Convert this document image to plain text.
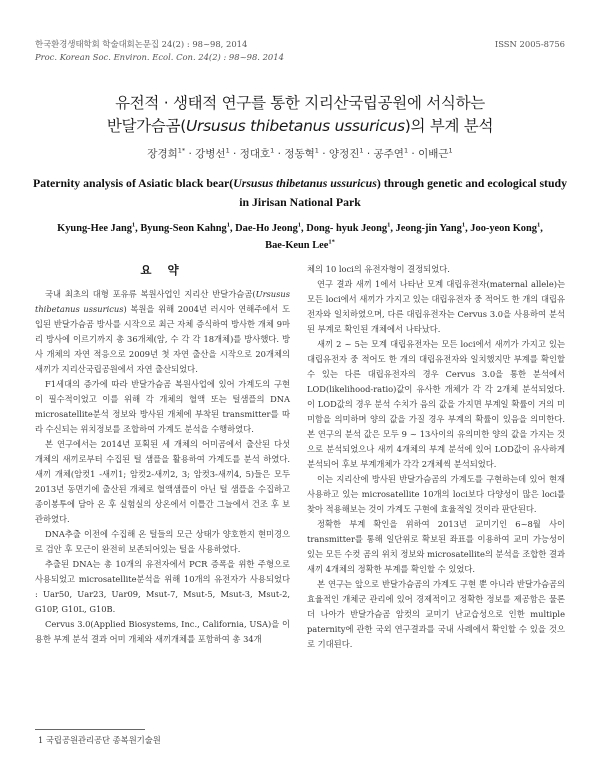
한국환경생태학회 학술대회논문집 24(2) : 98~98, 2014	ISSN 2005-8756
Proc. Korean Soc. Environ. Ecol. Con. 24(2) : 98~98. 2014
유전적 · 생태적 연구를 통한 지리산국립공원에 서식하는
반달가슴곰(Ursusus thibetanus ussuricus)의 부계 분석
장경희$^{1*}$ · 강병선$^1$ · 정대호$^1$ · 정동혁$^1$ · 양정진$^1$ · 공주연$^1$ · 이배근$^1$
Paternity analysis of Asiatic black bear(Ursusus thibetanus ussuricus) through genetic and ecological study
in Jirisan National Park
Kyung-Hee Jang$^1$, Byung-Seon Kahng$^1$, Dae-Ho Jeong$^1$, Dong- hyuk Jeong$^1$, Jeong-jin Yang$^1$, Joo-yeon Kong$^1$,
Bae-Keun Lee$^{1*}$
요 약

국내 최초의 대형 포유류 복원사업인 지리산 반달가슴곰(Ursusus thibetanus ussuricus) 복원을 위해 2004년 러시아 연해주에서 도입된 반달가슴곰 방사를 시작으로 최근 자체 증식하여 방사한 개체 9마리 방사에 이르기까지 총 36개체(암, 수 각 각 18개체)를 방사했다. 방사 개체의 자연 적응으로 2009년 첫 자연 출산을 시작으로 20개체의 새끼가 지리산국립공원에서 자연 출산되었다.

F1세대의 증가에 따라 반달가슴곰 복원사업에 있어 가계도의 구현이 필수적이었고 이를 위해 각 개체의 혈액 또는 털샘플의 DNA microsatellite분석 정보와 방사된 개체에 부착된 transmitter를 따라 수신되는 위치정보를 조합하여 가계도 분석을 수행하였다.

본 연구에서는 2014년 포획된 세 개체의 어미곰에서 출산된 다섯 개체의 새끼로부터 수집된 털 샘플을 활용하여 가계도를 분석 하였다. 새끼 개체(암컷1 -새끼1; 암컷2-새끼2, 3; 암컷3-새끼4, 5)들은 모두 2013년 동면기에 출산된 개체로 혈액샘플이 아닌 털 샘플을 수집하고 종이봉투에 담아 온 후 실험실의 상온에서 이틀간 그늘에서 건조 후 보관하였다.

DNA추출 이전에 수집해 온 털들의 모근 상태가 양호한지 현미경으로 검안 후 모근이 완전히 보존되어있는 털을 사용하였다.

추출된 DNA는 총 10개의 유전자에서 PCR 증폭을 위한 주형으로 사용되었고 microsatellite분석을 위해 10개의 유전자가 사용되었다 : Uar50, Uar23, Uar09, Msut-7, Msut-5, Msut-3, Msut-2, G10P, G10L, G10B.

Cervus 3.0(Applied Biosystems, Inc., California, USA)을 이용한 부계 분석 결과 어미 개체와 새끼개체를 포함하여 총 34개

체의 10 loci의 유전자형이 결정되었다.

연구 결과 새끼 1에서 나타난 모계 대립유전자(maternal allele)는 모든 loci에서 새끼가 가지고 있는 대립유전자 중 적어도 한 개의 대립유전자와 일치하였으며, 다른 대립유전자는 Cervus 3.0을 사용하여 분석된 부계로 확인된 개체에서 나타났다.

새끼 2 ~ 5는 모계 대립유전자는 모든 loci에서 새끼가 가지고 있는 대립유전자 중 적어도 한 개의 대립유전자와 일치했지만 부계를 확인할 수 있는 다른 대립유전자의 경우 Cervus 3.0을 통한 분석에서 LOD(likelihood-ratio)값이 유사한 개체가 각 각 2개체 분석되었다. 이 LOD값의 경우 분석 수치가 음의 값을 가지면 부계일 확률이 거의 미미함을 의미하며 양의 값을 가질 경우 부계의 확률이 있음을 의미한다. 본 연구의 분석 값은 모두 9 ~ 13사이의 유의미한 양의 값을 가지는 것으로 분석되었으나 새끼 4개체의 부계 분석에 있어 LOD값이 유사하게 분석되어 후보 부계개체가 각각 2개체씩 분석되었다.

이는 지리산에 방사된 반달가슴곰의 가계도를 구현하는데 있어 현재 사용하고 있는 microsatellite 10개의 loci보다 다양성이 많은 loci를 찾아 적용해보는 것이 가계도 구현에 효율적일 것이라 판단된다.

정확한 부계 확인을 위하여 2013년 교미기인 6~8월 사이 transmitter를 통해 일단위로 확보된 좌표를 이용하여 교미 가능성이 있는 모든 수컷 곰의 위치 정보와 microsatellite의 분석을 조합한 결과 새끼 4개체의 정확한 부계를 확인할 수 있었다.

본 연구는 앞으로 반달가슴곰의 가계도 구현 뿐 아니라 반달가슴곰의 효율적인 개체군 관리에 있어 경제적이고 정확한 정보를 제공함은 물론 더 나아가 반달가슴곰 암컷의 교미기 난교습성으로 인한 multiple paternity에 관한 국외 연구결과를 국내 사례에서 확인할 수 있을 것으로 기대된다.

1 국립공원관리공단 종복원기술원
